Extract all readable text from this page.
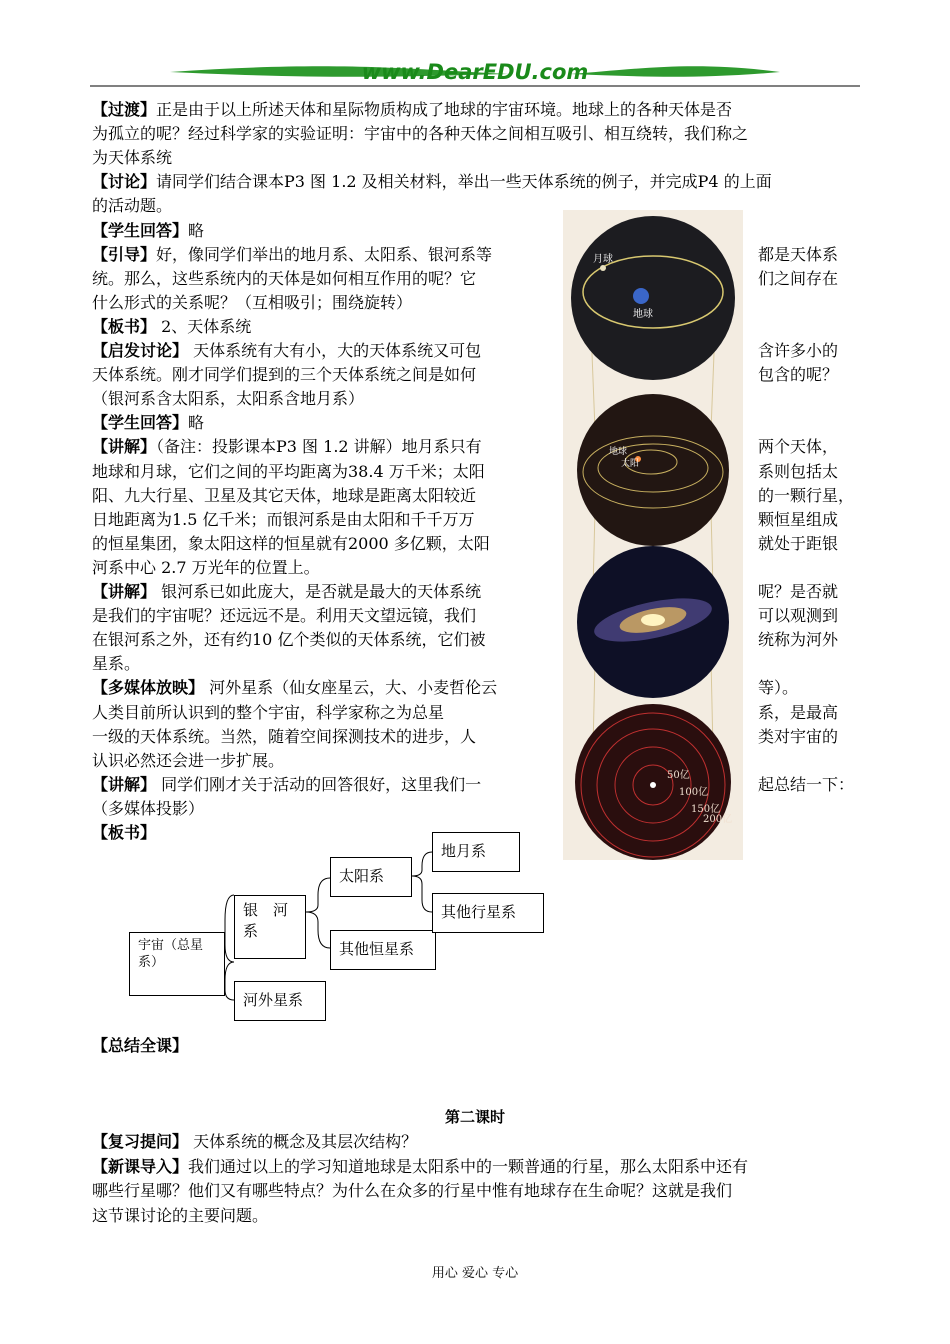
www.DearEDU.com
【过渡】正是由于以上所述天体和星际物质构成了地球的宇宙环境。地球上的各种天体是否
为孤立的呢？经过科学家的实验证明：宇宙中的各种天体之间相互吸引、相互绕转，我们称之
为天体系统
【讨论】请同学们结合课本P3 图 1.2 及相关材料，举出一些天体系统的例子，并完成P4 的上面
的活动题。
【学生回答】略
【引导】好，像同学们举出的地月系、太阳系、银河系等
统。那么，这些系统内的天体是如何相互作用的呢？它
什么形式的关系呢？（互相吸引；围绕旋转）
【板书】 2、天体系统
【启发讨论】 天体系统有大有小，大的天体系统又可包
天体系统。刚才同学们提到的三个天体系统之间是如何
（银河系含太阳系，太阳系含地月系）
【学生回答】略
【讲解】（备注：投影课本P3 图 1.2 讲解）地月系只有
地球和月球，它们之间的平均距离为38.4 万千米；太阳
阳、九大行星、卫星及其它天体，地球是距离太阳较近
日地距离为1.5 亿千米；而银河系是由太阳和千千万万
的恒星集团，象太阳这样的恒星就有2000 多亿颗，太阳
河系中心 2.7 万光年的位置上。
【讲解】 银河系已如此庞大，是否就是最大的天体系统
是我们的宇宙呢？还远远不是。利用天文望远镜，我们
在银河系之外，还有约10 亿个类似的天体系统，它们被
星系。
【多媒体放映】 河外星系（仙女座星云，大、小麦哲伦云
人类目前所认识到的整个宇宙，科学家称之为总星
一级的天体系统。当然，随着空间探测技术的进步，人
认识必然还会进一步扩展。
【讲解】 同学们刚才关于活动的回答很好，这里我们一
（多媒体投影）
【板书】
都是天体系
们之间存在
含许多小的
包含的呢？
两个天体，
系则包括太
的一颗行星，
颗恒星组成
就处于距银
呢？是否就
可以观测到
统称为河外
等）。
系，是最高
类对宇宙的
起总结一下：
月球
地球
地球
太阳
50亿
100亿
150亿
200亿
宇宙（总星系）
银　河系
河外星系
太阳系
其他恒星系
地月系
其他行星系
【总结全课】
第二课时
【复习提问】 天体系统的概念及其层次结构？
【新课导入】我们通过以上的学习知道地球是太阳系中的一颗普通的行星，那么太阳系中还有
哪些行星哪？他们又有哪些特点？为什么在众多的行星中惟有地球存在生命呢？这就是我们
这节课讨论的主要问题。
用心 爱心 专心
